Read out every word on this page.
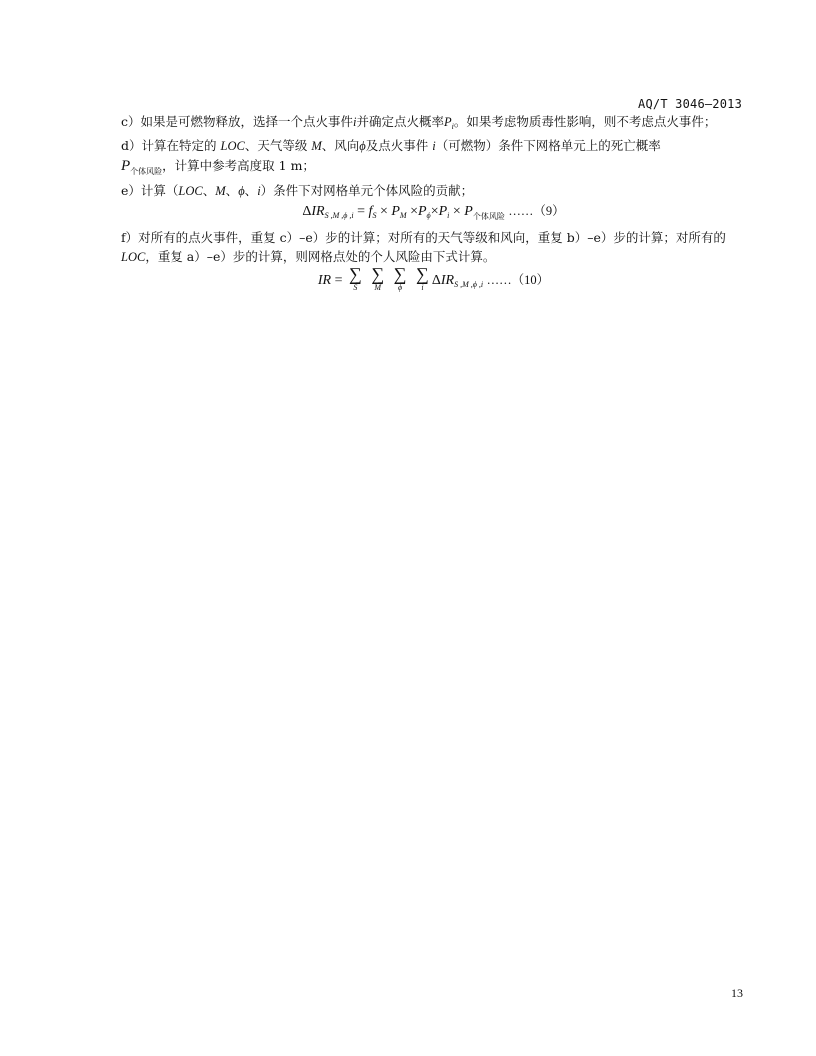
AQ/T 3046—2013

c）如果是可燃物释放，选择一个点火事件i并确定点火概率$P_i$。如果考虑物质毒性影响，则不考虑点火事件；

d）计算在特定的 LOC、天气等级 M、风向ϕ及点火事件 i（可燃物）条件下网格单元上的死亡概率
$P_{个体风险}$，计算中参考高度取 1 m；

e）计算（LOC、M、ϕ、i）条件下对网格单元个体风险的贡献；

$\Delta IR_{S ,M ,\phi ,i} = f_S \times P_M \times P_\phi\times P_i \times P_{个体风险}$ ……（9）

f）对所有的点火事件，重复 c）–e）步的计算；对所有的天气等级和风向，重复 b）–e）步的计算；对所有的LOC，重复 a）–e）步的计算，则网格点处的个人风险由下式计算。

IR = ∑
S

∑
M

∑
ϕ

∑
i $\Delta IR_{S ,M ,\phi ,i}$ ……（10）
13
